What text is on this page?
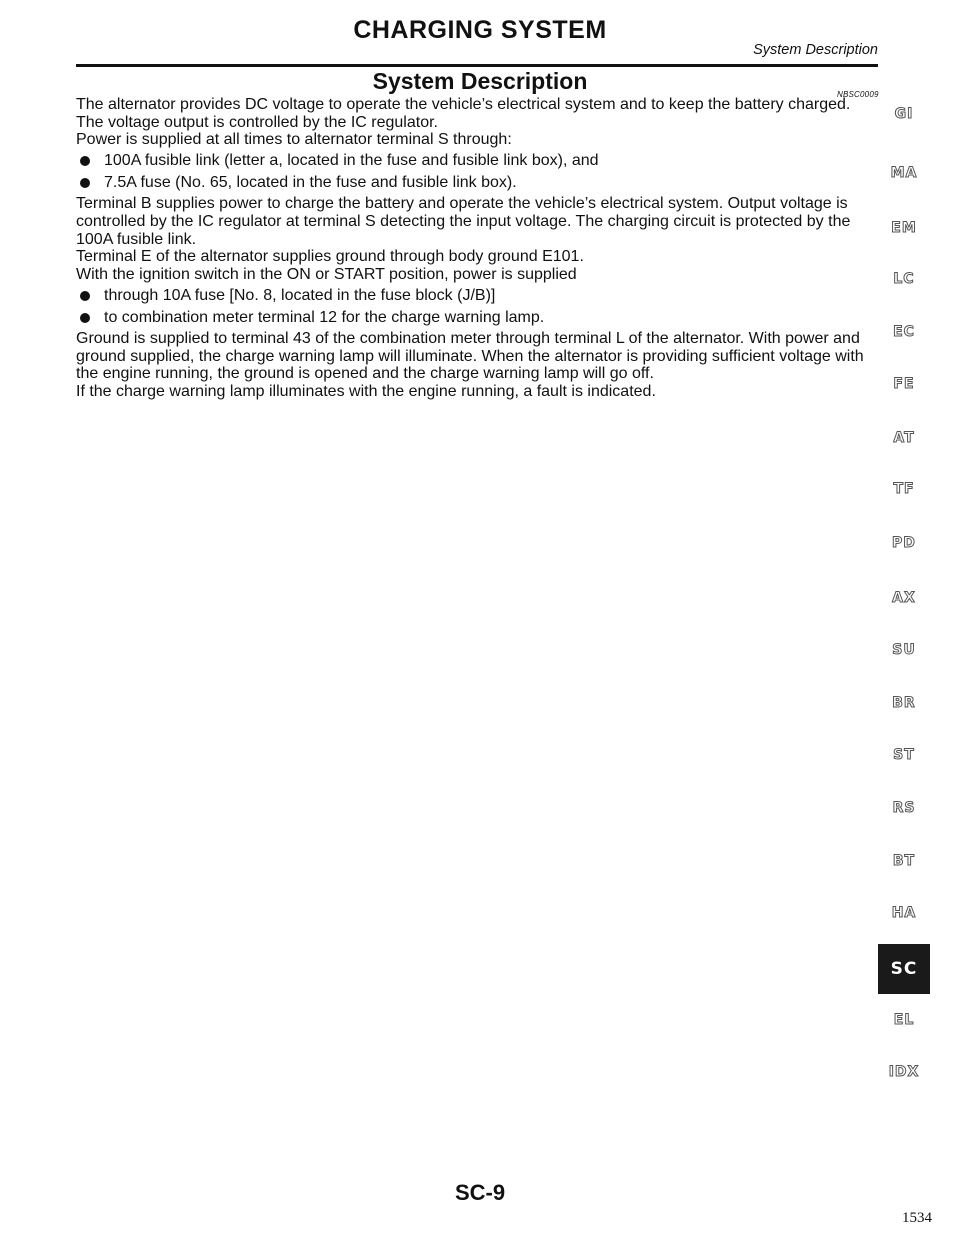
CHARGING SYSTEM
System Description
System Description
NBSC0009

The alternator provides DC voltage to operate the vehicle’s electrical system and to keep the battery charged. The voltage output is controlled by the IC regulator.

Power is supplied at all times to alternator terminal S through:

100A fusible link (letter a, located in the fuse and fusible link box), and

7.5A fuse (No. 65, located in the fuse and fusible link box).

Terminal B supplies power to charge the battery and operate the vehicle’s electrical system. Output voltage is controlled by the IC regulator at terminal S detecting the input voltage. The charging circuit is protected by the 100A fusible link.

Terminal E of the alternator supplies ground through body ground E101.

With the ignition switch in the ON or START position, power is supplied

through 10A fuse [No. 8, located in the fuse block (J/B)]

to combination meter terminal 12 for the charge warning lamp.

Ground is supplied to terminal 43 of the combination meter through terminal L of the alternator. With power and ground supplied, the charge warning lamp will illuminate. When the alternator is providing sufficient voltage with the engine running, the ground is opened and the charge warning lamp will go off.

If the charge warning lamp illuminates with the engine running, a fault is indicated.

GI
MA
EM
LC
EC
FE
AT
TF
PD
AX
SU
BR
ST
RS
BT
HA
SC
EL
IDX
SC-9
1534
